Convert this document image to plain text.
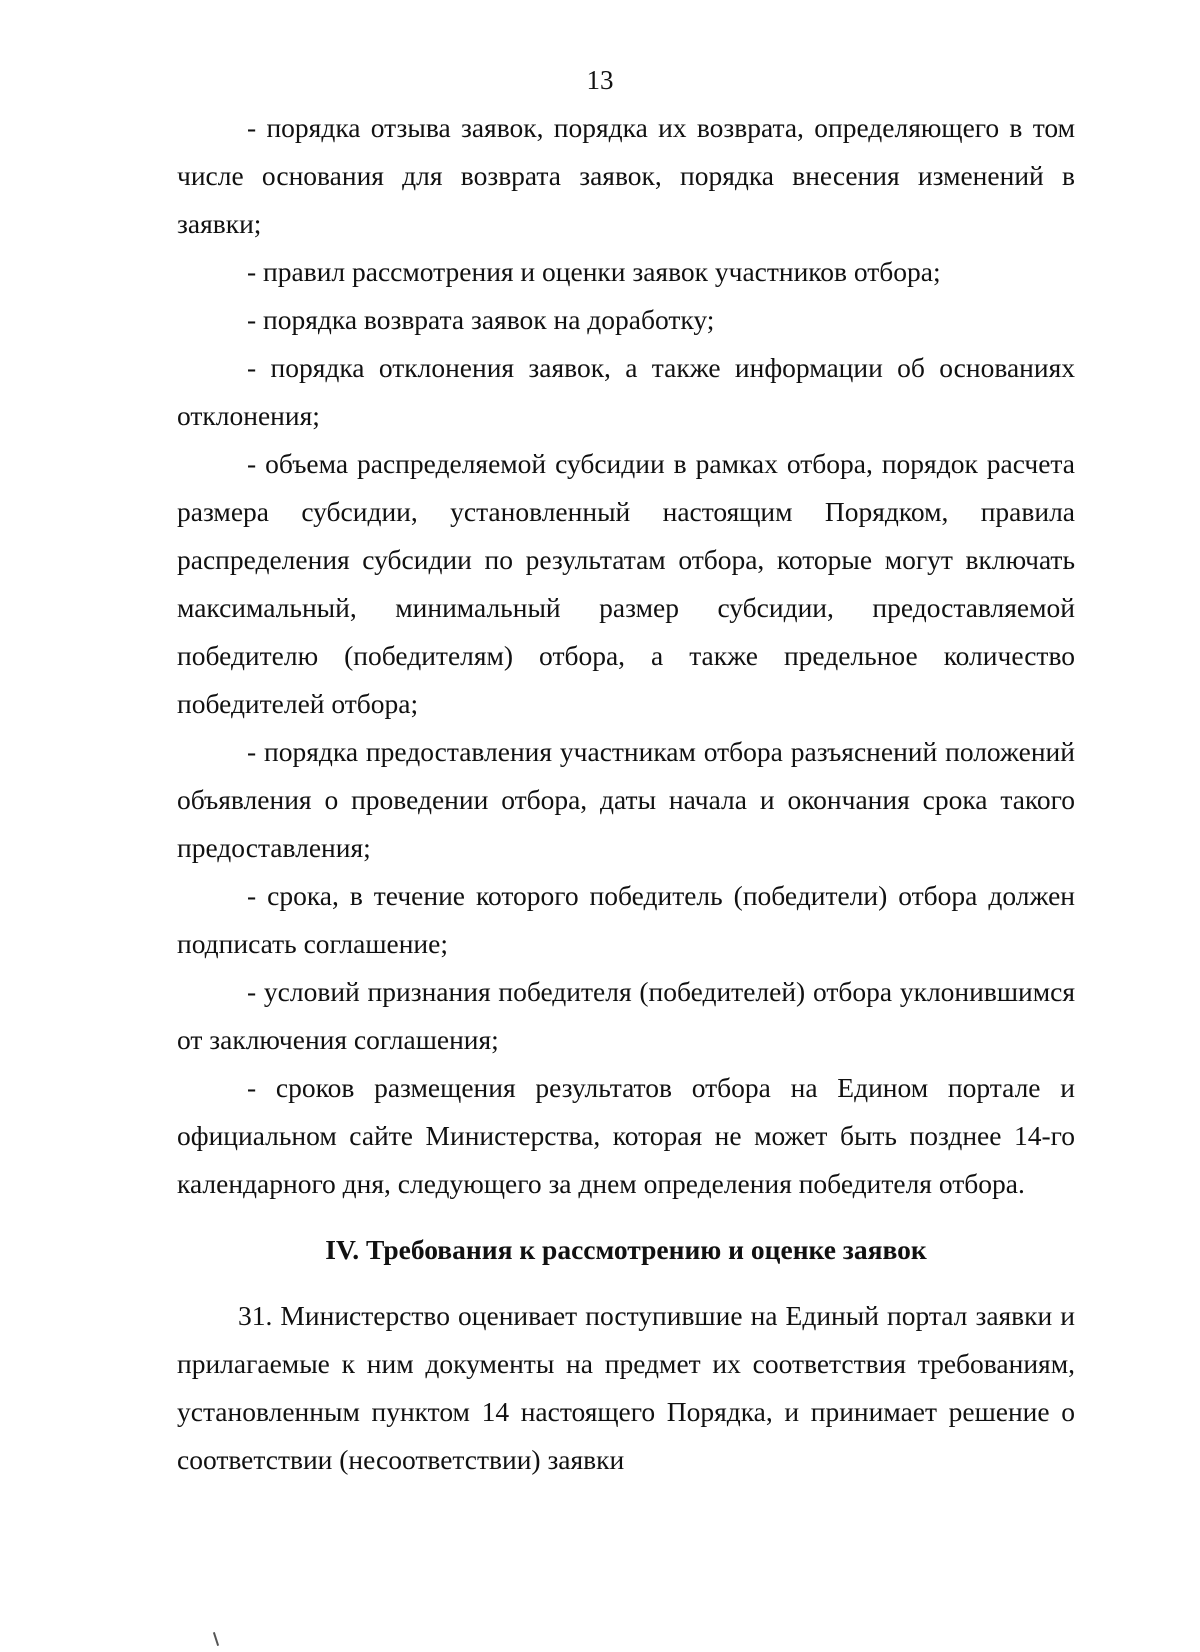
13

- порядка отзыва заявок, порядка их возврата, определяющего в том числе основания для возврата заявок, порядка внесения изменений в заявки;

- правил рассмотрения и оценки заявок участников отбора;

- порядка возврата заявок на доработку;

- порядка отклонения заявок, а также информации об основаниях отклонения;

- объема распределяемой субсидии в рамках отбора, порядок расчета размера субсидии, установленный настоящим Порядком, правила распределения субсидии по результатам отбора, которые могут включать максимальный, минимальный размер субсидии, предоставляемой победителю (победителям) отбора, а также предельное количество победителей отбора;

- порядка предоставления участникам отбора разъяснений положений объявления о проведении отбора, даты начала и окончания срока такого предоставления;

- срока, в течение которого победитель (победители) отбора должен подписать соглашение;

- условий признания победителя (победителей) отбора уклонившимся от заключения соглашения;

- сроков размещения результатов отбора на Едином портале и официальном сайте Министерства, которая не может быть позднее 14-го календарного дня, следующего за днем определения победителя отбора.

IV. Требования к рассмотрению и оценке заявок

31. Министерство оценивает поступившие на Единый портал заявки и прилагаемые к ним документы на предмет их соответствия требованиям, установленным пунктом 14 настоящего Порядка, и принимает решение о соответствии (несоответствии) заявки
